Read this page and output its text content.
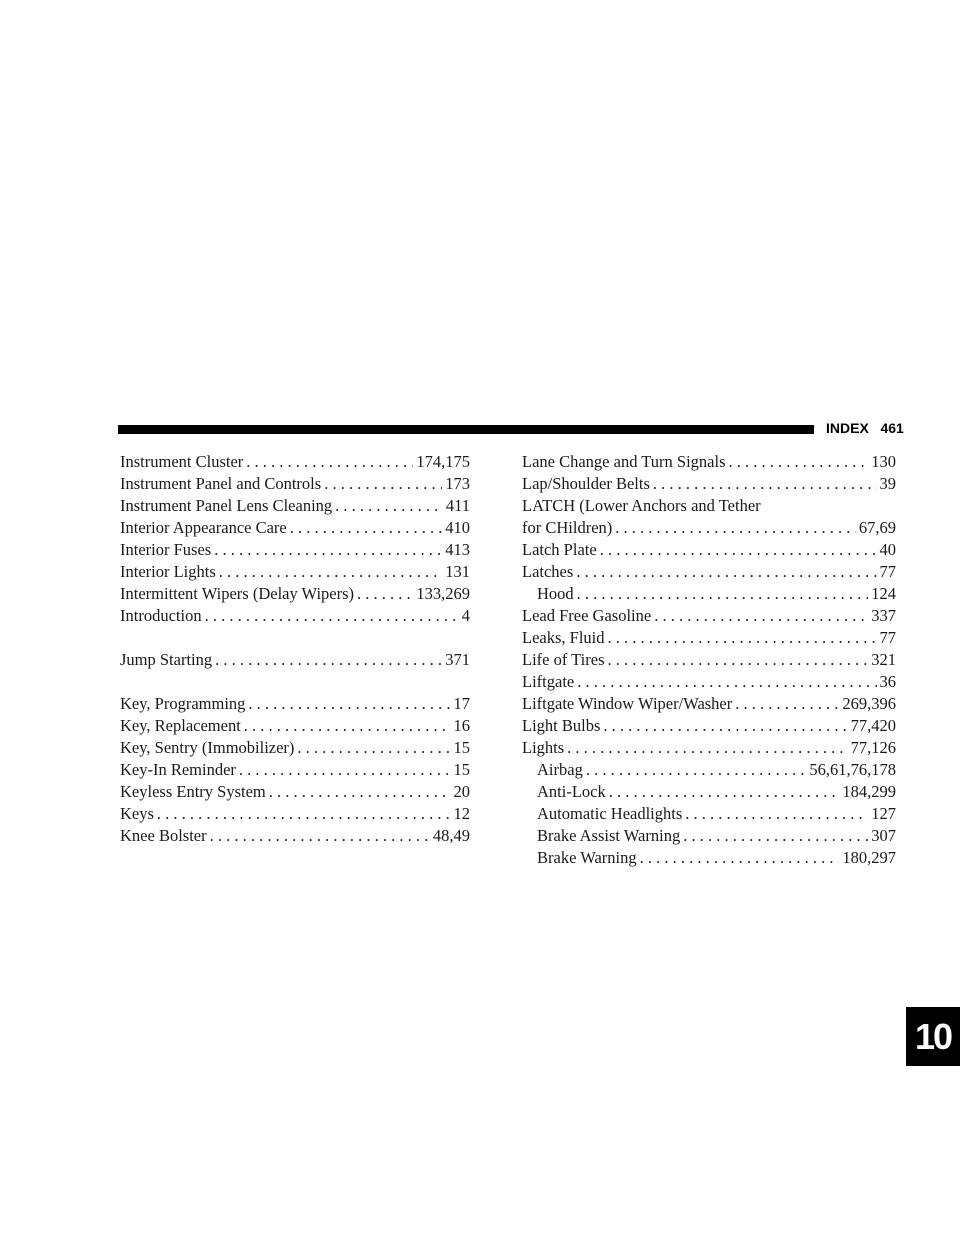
INDEX   461
Instrument Cluster . . .	174,175
Instrument Panel and Controls . . .	173
Instrument Panel Lens Cleaning . . .	411
Interior Appearance Care . . .	410
Interior Fuses . . .	413
Interior Lights . . .	131
Intermittent Wipers (Delay Wipers) . . .	133,269
Introduction . . .	4
Jump Starting . . .	371
Key, Programming . . .	17
Key, Replacement . . .	16
Key, Sentry (Immobilizer) . . .	15
Key-In Reminder . . .	15
Keyless Entry System . . .	20
Keys . . .	12
Knee Bolster . . .	48,49
Lane Change and Turn Signals . . .	130
Lap/Shoulder Belts . . .	39
LATCH (Lower Anchors and Tether
for CHildren) . . .	67,69
Latch Plate . . .	40
Latches . . .	77
Hood . . .	124
Lead Free Gasoline . . .	337
Leaks, Fluid . . .	77
Life of Tires . . .	321
Liftgate . . .	36
Liftgate Window Wiper/Washer . . .	269,396
Light Bulbs . . .	77,420
Lights . . .	77,126
Airbag . . .	56,61,76,178
Anti-Lock . . .	184,299
Automatic Headlights . . .	127
Brake Assist Warning . . .	307
Brake Warning . . .	180,297
10
